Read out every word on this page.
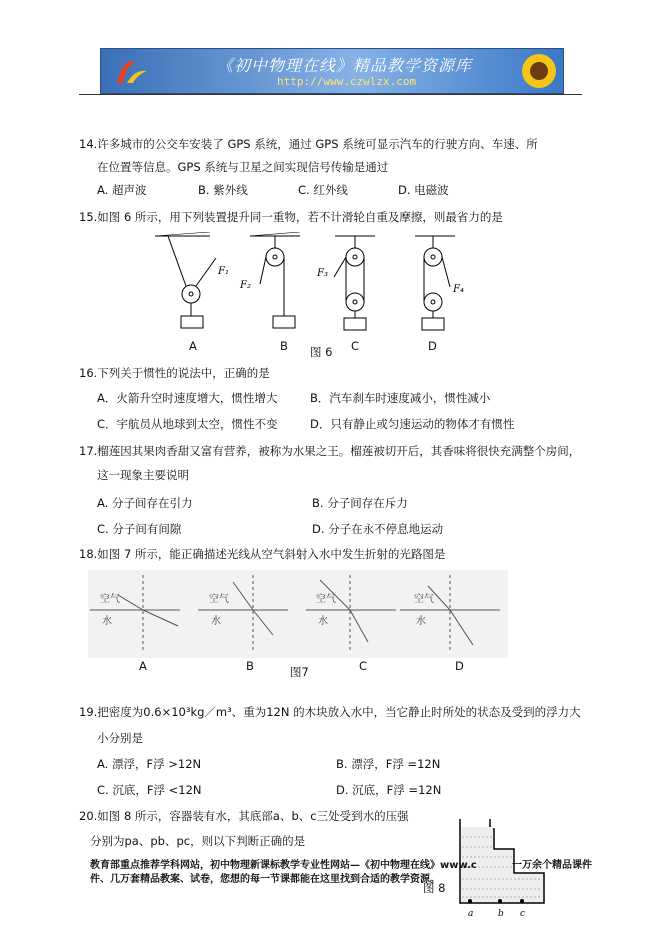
《初中物理在线》精品教学资源库
http://www.czwlzx.com
14.许多城市的公交车安装了 GPS 系统，通过 GPS 系统可显示汽车的行驶方向、车速、所
在位置等信息。GPS 系统与卫星之间实现信号传输是通过
A. 超声波	B. 紫外线	C. 红外线	D. 电磁波
15.如图 6 所示，用下列装置提升同一重物，若不计滑轮自重及摩擦，则最省力的是
F₁
F₂
F₃
F₄
A	B 图 6 C	D
16.下列关于惯性的说法中，正确的是
A．火箭升空时速度增大，惯性增大	B．汽车刹车时速度减小，惯性减小
C．宇航员从地球到太空，惯性不变	D．只有静止或匀速运动的物体才有惯性
17.榴莲因其果肉香甜又富有营养，被称为水果之王。榴莲被切开后，其香味将很快充满整个房间，
这一现象主要说明
A. 分子间存在引力	B. 分子间存在斥力
C. 分子间有间隙	D. 分子在永不停息地运动
18.如图 7 所示，能正确描述光线从空气斜射入水中发生折射的光路图是
空气
水
空气
水
空气
水
空气
水
A	B	图7	C	D
19.把密度为0.6×10³kg／m³、重为12N 的木块放入水中，当它静止时所处的状态及受到的浮力大
小分别是
A. 漂浮，F浮 >12N	B. 漂浮，F浮 =12N
C. 沉底，F浮 <12N	D. 沉底，F浮 =12N
20.如图 8 所示，容器装有水，其底部a、b、c三处受到水的压强
分别为pa、pb、pc，则以下判断正确的是
a	b c
图 8
教育部重点推荐学科网站，初中物理新课标教学专业性网站—《初中物理在线》www.c	一万余个精品课件
件、几万套精品教案、试卷，您想的每一节课都能在这里找到合适的教学资源。
